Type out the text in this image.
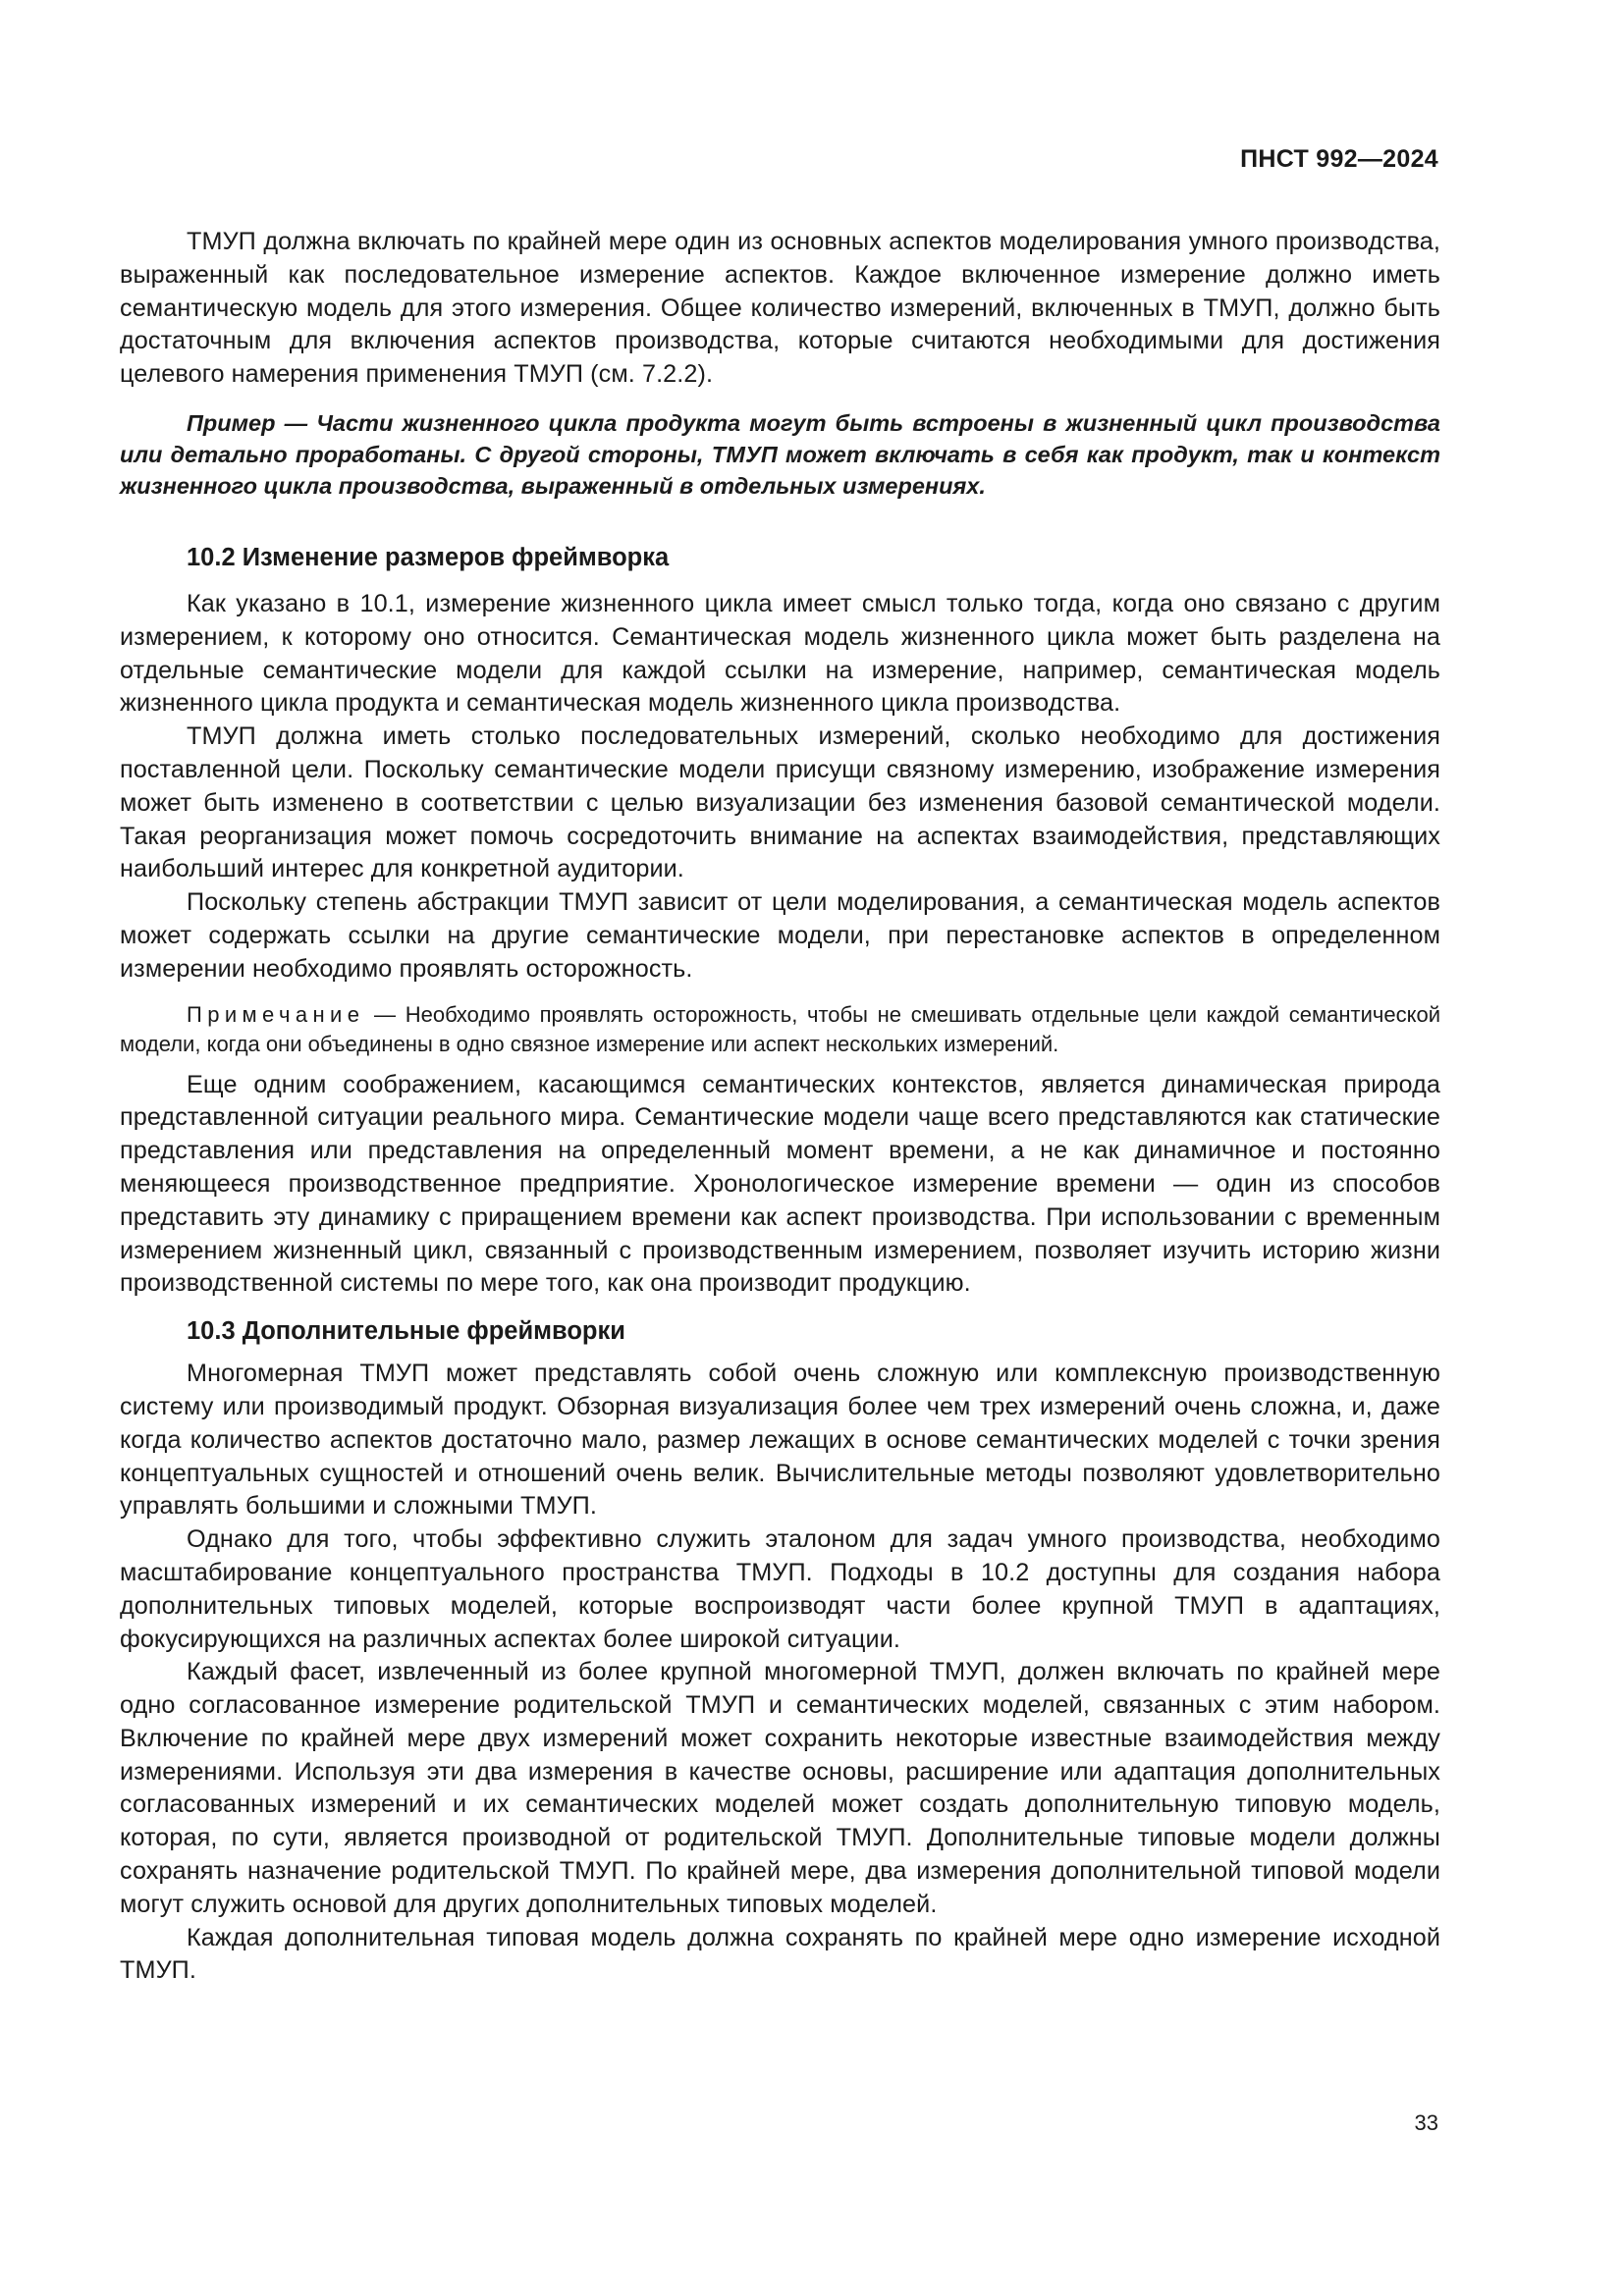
ПНСТ 992—2024

ТМУП должна включать по крайней мере один из основных аспектов моделирования умного производства, выраженный как последовательное измерение аспектов. Каждое включенное измерение должно иметь семантическую модель для этого измерения. Общее количество измерений, включенных в ТМУП, должно быть достаточным для включения аспектов производства, которые считаются необходимыми для достижения целевого намерения применения ТМУП (см. 7.2.2).

Пример — Части жизненного цикла продукта могут быть встроены в жизненный цикл производства или детально проработаны. С другой стороны, ТМУП может включать в себя как продукт, так и контекст жизненного цикла производства, выраженный в отдельных измерениях.

10.2 Изменение размеров фреймворка

Как указано в 10.1, измерение жизненного цикла имеет смысл только тогда, когда оно связано с другим измерением, к которому оно относится. Семантическая модель жизненного цикла может быть разделена на отдельные семантические модели для каждой ссылки на измерение, например, семантическая модель жизненного цикла продукта и семантическая модель жизненного цикла производства.

ТМУП должна иметь столько последовательных измерений, сколько необходимо для достижения поставленной цели. Поскольку семантические модели присущи связному измерению, изображение измерения может быть изменено в соответствии с целью визуализации без изменения базовой семантической модели. Такая реорганизация может помочь сосредоточить внимание на аспектах взаимодействия, представляющих наибольший интерес для конкретной аудитории.

Поскольку степень абстракции ТМУП зависит от цели моделирования, а семантическая модель аспектов может содержать ссылки на другие семантические модели, при перестановке аспектов в определенном измерении необходимо проявлять осторожность.

Примечание — Необходимо проявлять осторожность, чтобы не смешивать отдельные цели каждой семантической модели, когда они объединены в одно связное измерение или аспект нескольких измерений.

Еще одним соображением, касающимся семантических контекстов, является динамическая природа представленной ситуации реального мира. Семантические модели чаще всего представляются как статические представления или представления на определенный момент времени, а не как динамичное и постоянно меняющееся производственное предприятие. Хронологическое измерение времени — один из способов представить эту динамику с приращением времени как аспект производства. При использовании с временным измерением жизненный цикл, связанный с производственным измерением, позволяет изучить историю жизни производственной системы по мере того, как она производит продукцию.

10.3 Дополнительные фреймворки

Многомерная ТМУП может представлять собой очень сложную или комплексную производственную систему или производимый продукт. Обзорная визуализация более чем трех измерений очень сложна, и, даже когда количество аспектов достаточно мало, размер лежащих в основе семантических моделей с точки зрения концептуальных сущностей и отношений очень велик. Вычислительные методы позволяют удовлетворительно управлять большими и сложными ТМУП.

Однако для того, чтобы эффективно служить эталоном для задач умного производства, необходимо масштабирование концептуального пространства ТМУП. Подходы в 10.2 доступны для создания набора дополнительных типовых моделей, которые воспроизводят части более крупной ТМУП в адаптациях, фокусирующихся на различных аспектах более широкой ситуации.

Каждый фасет, извлеченный из более крупной многомерной ТМУП, должен включать по крайней мере одно согласованное измерение родительской ТМУП и семантических моделей, связанных с этим набором. Включение по крайней мере двух измерений может сохранить некоторые известные взаимодействия между измерениями. Используя эти два измерения в качестве основы, расширение или адаптация дополнительных согласованных измерений и их семантических моделей может создать дополнительную типовую модель, которая, по сути, является производной от родительской ТМУП. Дополнительные типовые модели должны сохранять назначение родительской ТМУП. По крайней мере, два измерения дополнительной типовой модели могут служить основой для других дополнительных типовых моделей.

Каждая дополнительная типовая модель должна сохранять по крайней мере одно измерение исходной ТМУП.

33
